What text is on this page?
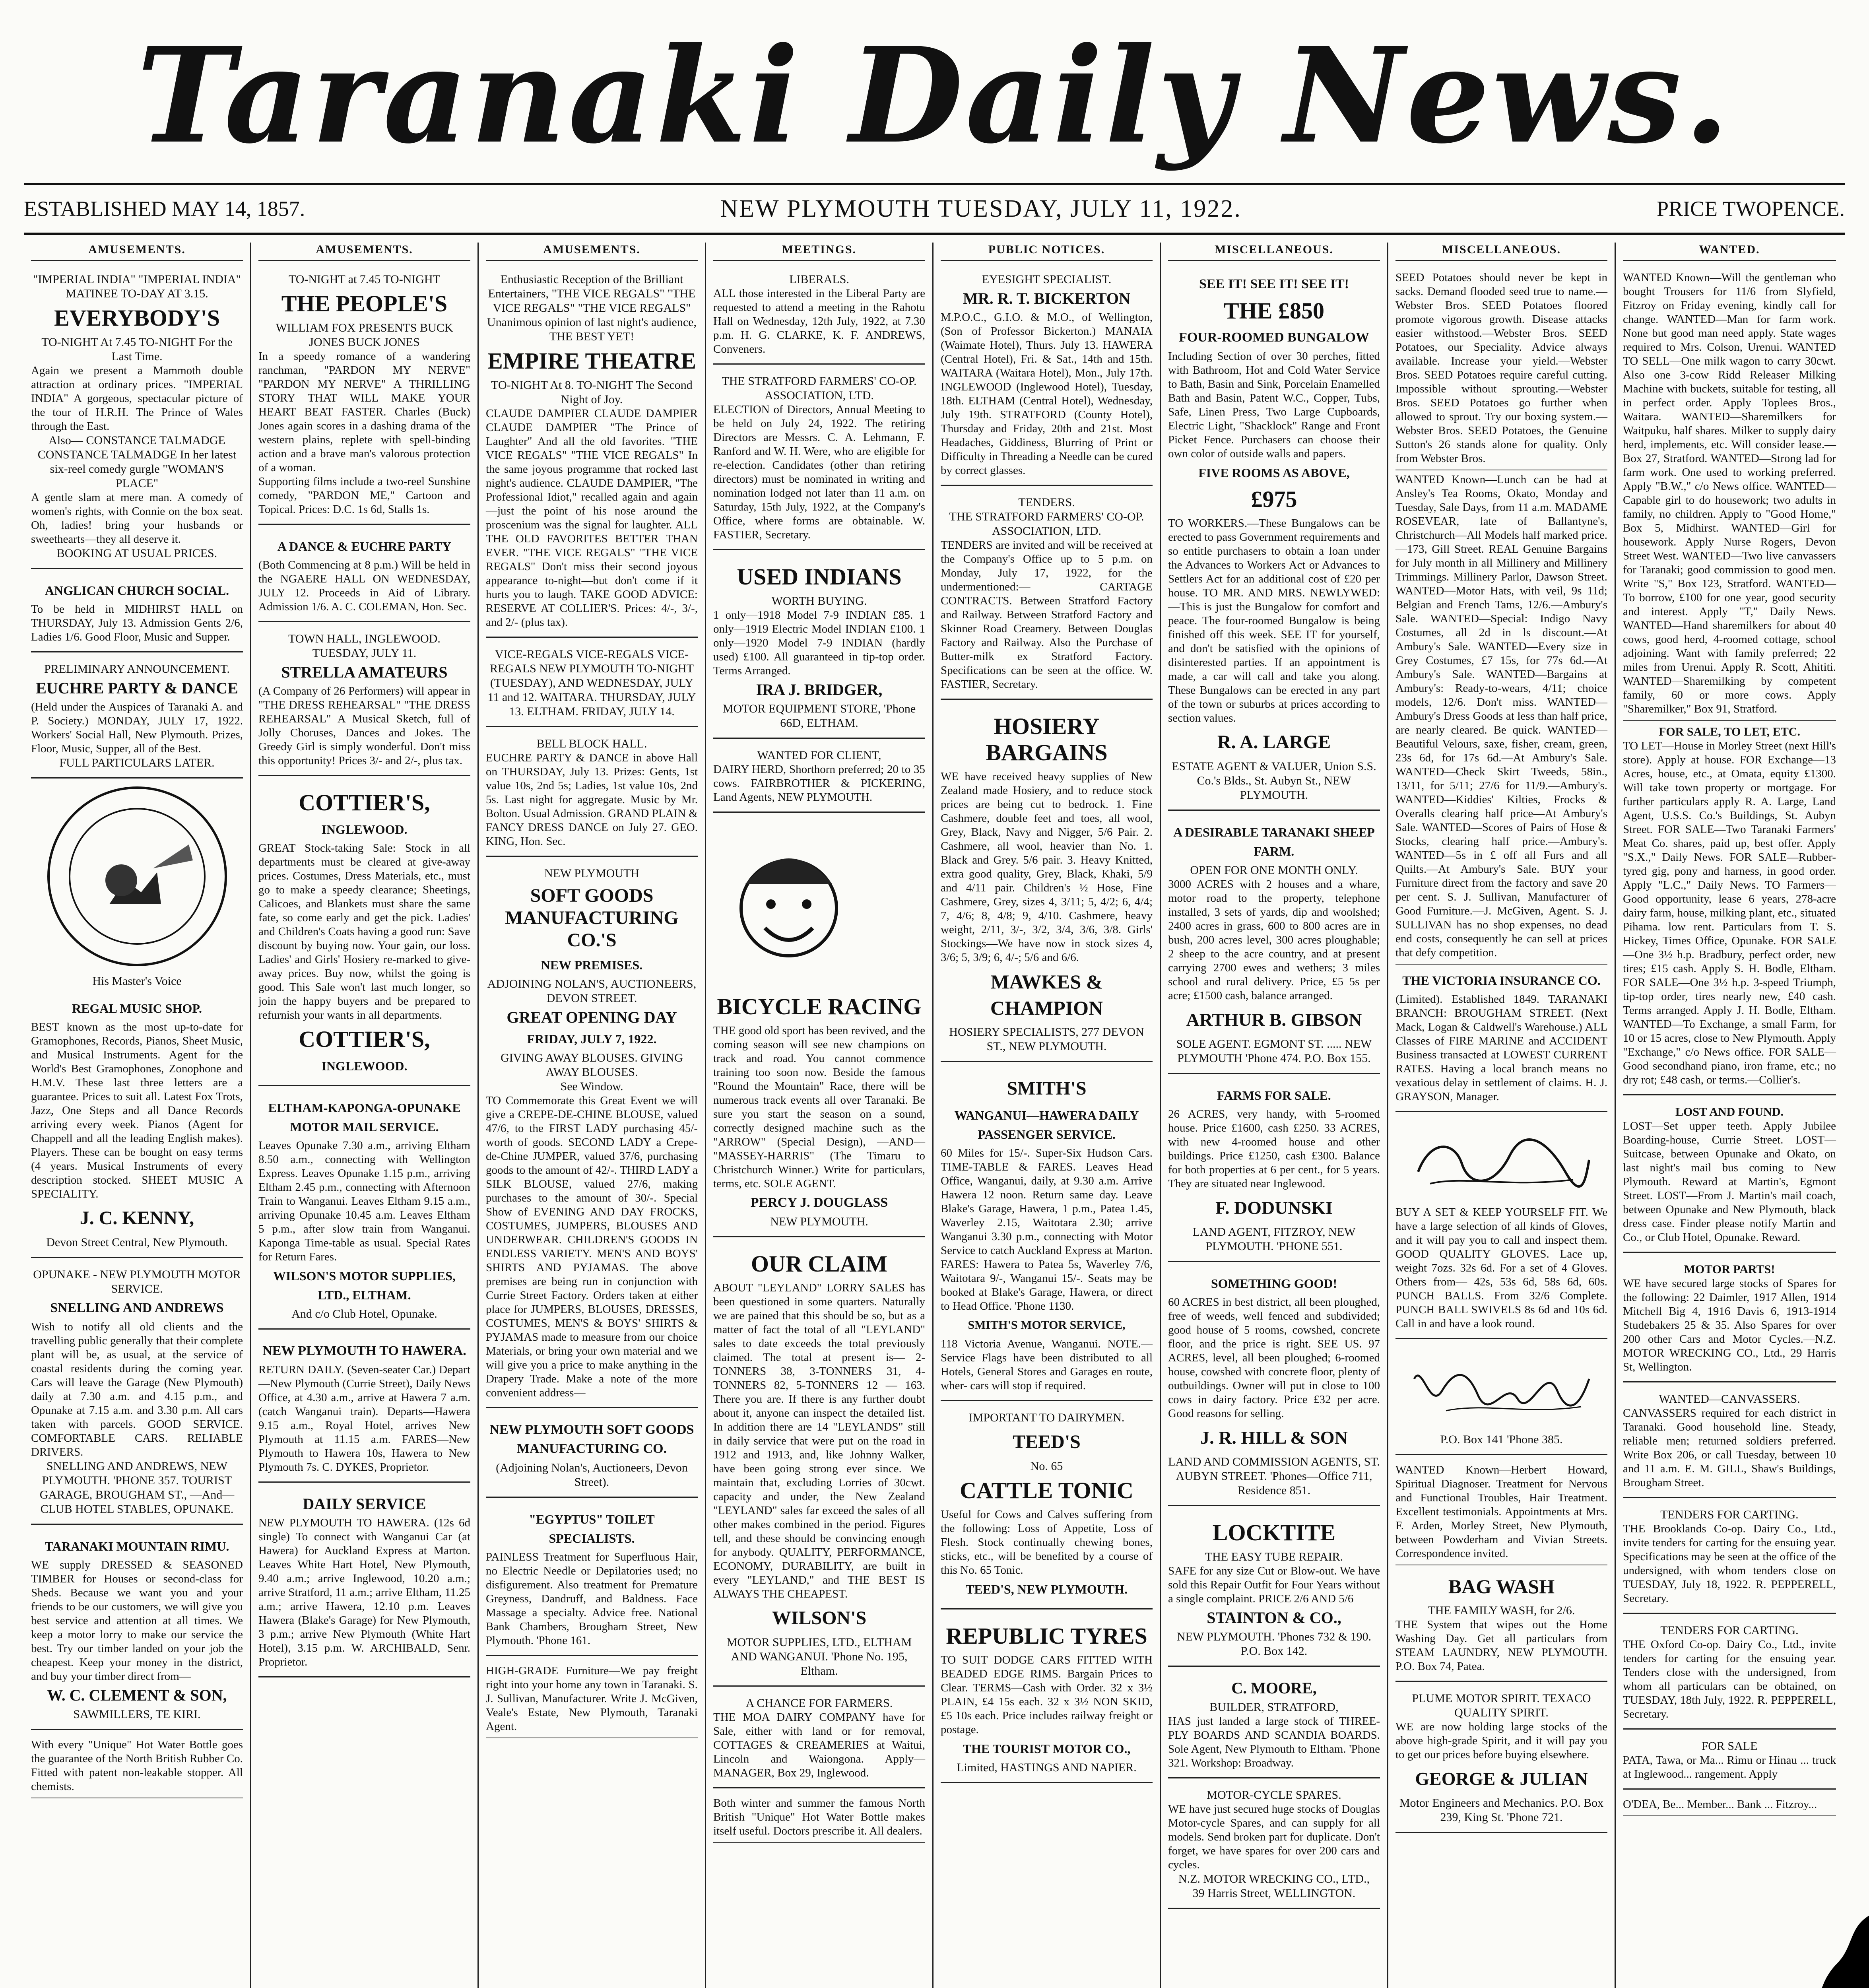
Taranaki Daily News.
ESTABLISHED MAY 14, 1857.	NEW PLYMOUTH TUESDAY, JULY 11, 1922.	PRICE TWOPENCE.
AMUSEMENTS.
"IMPERIAL INDIA" "IMPERIAL INDIA"
MATINEE TO-DAY AT 3.15.
EVERYBODY'S
TO-NIGHT At 7.45 TO-NIGHT For the Last Time.
Again we present a Mammoth double attraction at ordinary prices. "IMPERIAL INDIA" A gorgeous, spectacular picture of the tour of H.R.H. The Prince of Wales through the East.
Also— CONSTANCE TALMADGE CONSTANCE TALMADGE In her latest six-reel comedy gurgle "WOMAN'S PLACE"
A gentle slam at mere man. A comedy of women's rights, with Connie on the box seat. Oh, ladies! bring your husbands or sweethearts—they all deserve it.
BOOKING AT USUAL PRICES.
ANGLICAN CHURCH SOCIAL.
To be held in MIDHIRST HALL on THURSDAY, July 13. Admission Gents 2/6, Ladies 1/6. Good Floor, Music and Supper.
PRELIMINARY ANNOUNCEMENT.
EUCHRE PARTY & DANCE
(Held under the Auspices of Taranaki A. and P. Society.) MONDAY, JULY 17, 1922. Workers' Social Hall, New Plymouth. Prizes, Floor, Music, Supper, all of the Best.
FULL PARTICULARS LATER.
His Master's Voice
REGAL MUSIC SHOP.
BEST known as the most up-to-date for Gramophones, Records, Pianos, Sheet Music, and Musical Instruments. Agent for the World's Best Gramophones, Zonophone and H.M.V. These last three letters are a guarantee. Prices to suit all. Latest Fox Trots, Jazz, One Steps and all Dance Records arriving every week. Pianos (Agent for Chappell and all the leading English makes). Players. These can be bought on easy terms (4 years. Musical Instruments of every description stocked. SHEET MUSIC A SPECIALITY.
J. C. KENNY,
Devon Street Central, New Plymouth.
OPUNAKE - NEW PLYMOUTH MOTOR SERVICE.
SNELLING AND ANDREWS
Wish to notify all old clients and the travelling public generally that their complete plant will be, as usual, at the service of coastal residents during the coming year. Cars will leave the Garage (New Plymouth) daily at 7.30 a.m. and 4.15 p.m., and Opunake at 7.15 a.m. and 3.30 p.m. All cars taken with parcels. GOOD SERVICE. COMFORTABLE CARS. RELIABLE DRIVERS.
SNELLING AND ANDREWS, NEW PLYMOUTH. 'PHONE 357. TOURIST GARAGE, BROUGHAM ST., —And— CLUB HOTEL STABLES, OPUNAKE.
TARANAKI MOUNTAIN RIMU.
WE supply DRESSED & SEASONED TIMBER for Houses or second-class for Sheds. Because we want you and your friends to be our customers, we will give you best service and attention at all times. We keep a motor lorry to make our service the best. Try our timber landed on your job the cheapest. Keep your money in the district, and buy your timber direct from—
W. C. CLEMENT & SON,
SAWMILLERS, TE KIRI.
With every "Unique" Hot Water Bottle goes the guarantee of the North British Rubber Co. Fitted with patent non-leakable stopper. All chemists.
AMUSEMENTS.
TO-NIGHT at 7.45 TO-NIGHT
THE PEOPLE'S
WILLIAM FOX PRESENTS BUCK JONES BUCK JONES
In a speedy romance of a wandering ranchman, "PARDON MY NERVE" "PARDON MY NERVE" A THRILLING STORY THAT WILL MAKE YOUR HEART BEAT FASTER. Charles (Buck) Jones again scores in a dashing drama of the western plains, replete with spell-binding action and a brave man's valorous protection of a woman.
Supporting films include a two-reel Sunshine comedy, "PARDON ME," Cartoon and Topical. Prices: D.C. 1s 6d, Stalls 1s.
A DANCE & EUCHRE PARTY
(Both Commencing at 8 p.m.) Will be held in the NGAERE HALL ON WEDNESDAY, JULY 12. Proceeds in Aid of Library. Admission 1/6. A. C. COLEMAN, Hon. Sec.
TOWN HALL, INGLEWOOD.
TUESDAY, JULY 11.
STRELLA AMATEURS
(A Company of 26 Performers) will appear in "THE DRESS REHEARSAL" "THE DRESS REHEARSAL" A Musical Sketch, full of Jolly Choruses, Dances and Jokes. The Greedy Girl is simply wonderful. Don't miss this opportunity! Prices 3/- and 2/-, plus tax.
COTTIER'S,
INGLEWOOD.
GREAT Stock-taking Sale: Stock in all departments must be cleared at give-away prices. Costumes, Dress Materials, etc., must go to make a speedy clearance; Sheetings, Calicoes, and Blankets must share the same fate, so come early and get the pick. Ladies' and Children's Coats having a good run: Save discount by buying now. Your gain, our loss. Ladies' and Girls' Hosiery re-marked to give-away prices. Buy now, whilst the going is good. This Sale won't last much longer, so join the happy buyers and be prepared to refurnish your wants in all departments.
COTTIER'S,
INGLEWOOD.
ELTHAM-KAPONGA-OPUNAKE MOTOR MAIL SERVICE.
Leaves Opunake 7.30 a.m., arriving Eltham 8.50 a.m., connecting with Wellington Express. Leaves Opunake 1.15 p.m., arriving Eltham 2.45 p.m., connecting with Afternoon Train to Wanganui. Leaves Eltham 9.15 a.m., arriving Opunake 10.45 a.m. Leaves Eltham 5 p.m., after slow train from Wanganui. Kaponga Time-table as usual. Special Rates for Return Fares.
WILSON'S MOTOR SUPPLIES, LTD., ELTHAM.
And c/o Club Hotel, Opunake.
NEW PLYMOUTH TO HAWERA.
RETURN DAILY. (Seven-seater Car.) Depart—New Plymouth (Currie Street), Daily News Office, at 4.30 a.m., arrive at Hawera 7 a.m. (catch Wanganui train). Departs—Hawera 9.15 a.m., Royal Hotel, arrives New Plymouth at 11.15 a.m. FARES—New Plymouth to Hawera 10s, Hawera to New Plymouth 7s. C. DYKES, Proprietor.
DAILY SERVICE
NEW PLYMOUTH TO HAWERA. (12s 6d single) To connect with Wanganui Car (at Hawera) for Auckland Express at Marton. Leaves White Hart Hotel, New Plymouth, 9.40 a.m.; arrive Inglewood, 10.20 a.m.; arrive Stratford, 11 a.m.; arrive Eltham, 11.25 a.m.; arrive Hawera, 12.10 p.m. Leaves Hawera (Blake's Garage) for New Plymouth, 3 p.m.; arrive New Plymouth (White Hart Hotel), 3.15 p.m. W. ARCHIBALD, Senr. Proprietor.
AMUSEMENTS.
Enthusiastic Reception of the Brilliant Entertainers, "THE VICE REGALS" "THE VICE REGALS" "THE VICE REGALS" Unanimous opinion of last night's audience, THE BEST YET!
EMPIRE THEATRE
TO-NIGHT At 8. TO-NIGHT The Second Night of Joy.
CLAUDE DAMPIER CLAUDE DAMPIER CLAUDE DAMPIER "The Prince of Laughter" And all the old favorites. "THE VICE REGALS" "THE VICE REGALS" In the same joyous programme that rocked last night's audience. CLAUDE DAMPIER, "The Professional Idiot," recalled again and again—just the point of his nose around the proscenium was the signal for laughter. ALL THE OLD FAVORITES BETTER THAN EVER. "THE VICE REGALS" "THE VICE REGALS" Don't miss their second joyous appearance to-night—but don't come if it hurts you to laugh. TAKE GOOD ADVICE: RESERVE AT COLLIER'S. Prices: 4/-, 3/-, and 2/- (plus tax).
VICE-REGALS VICE-REGALS VICE-REGALS NEW PLYMOUTH TO-NIGHT (TUESDAY), AND WEDNESDAY, JULY 11 and 12. WAITARA. THURSDAY, JULY 13. ELTHAM. FRIDAY, JULY 14.
BELL BLOCK HALL.
EUCHRE PARTY & DANCE in above Hall on THURSDAY, July 13. Prizes: Gents, 1st value 10s, 2nd 5s; Ladies, 1st value 10s, 2nd 5s. Last night for aggregate. Music by Mr. Bolton. Usual Admission. GRAND PLAIN & FANCY DRESS DANCE on July 27. GEO. KING, Hon. Sec.
NEW PLYMOUTH
SOFT GOODS MANUFACTURING CO.'S
NEW PREMISES.
ADJOINING NOLAN'S, AUCTIONEERS, DEVON STREET.
GREAT OPENING DAY
FRIDAY, JULY 7, 1922.
GIVING AWAY BLOUSES. GIVING AWAY BLOUSES.
See Window.
TO Commemorate this Great Event we will give a CREPE-DE-CHINE BLOUSE, valued 47/6, to the FIRST LADY purchasing 45/- worth of goods. SECOND LADY a Crepe-de-Chine JUMPER, valued 37/6, purchasing goods to the amount of 42/-. THIRD LADY a SILK BLOUSE, valued 27/6, making purchases to the amount of 30/-. Special Show of EVENING AND DAY FROCKS, COSTUMES, JUMPERS, BLOUSES AND UNDERWEAR. CHILDREN'S GOODS IN ENDLESS VARIETY. MEN'S AND BOYS' SHIRTS AND PYJAMAS. The above premises are being run in conjunction with Currie Street Factory. Orders taken at either place for JUMPERS, BLOUSES, DRESSES, COSTUMES, MEN'S & BOYS' SHIRTS & PYJAMAS made to measure from our choice Materials, or bring your own material and we will give you a price to make anything in the Drapery Trade. Make a note of the more convenient address—
NEW PLYMOUTH SOFT GOODS MANUFACTURING CO.
(Adjoining Nolan's, Auctioneers, Devon Street).
"EGYPTUS" TOILET SPECIALISTS.
PAINLESS Treatment for Superfluous Hair, no Electric Needle or Depilatories used; no disfigurement. Also treatment for Premature Greyness, Dandruff, and Baldness. Face Massage a specialty. Advice free. National Bank Chambers, Brougham Street, New Plymouth. 'Phone 161.
HIGH-GRADE Furniture—We pay freight right into your home any town in Taranaki. S. J. Sullivan, Manufacturer. Write J. McGiven, Veale's Estate, New Plymouth, Taranaki Agent.
MEETINGS.
LIBERALS.
ALL those interested in the Liberal Party are requested to attend a meeting in the Rahotu Hall on Wednesday, 12th July, 1922, at 7.30 p.m. H. G. CLARKE, K. F. ANDREWS, Conveners.
THE STRATFORD FARMERS' CO-OP. ASSOCIATION, LTD.
ELECTION of Directors, Annual Meeting to be held on July 24, 1922. The retiring Directors are Messrs. C. A. Lehmann, F. Ranford and W. H. Were, who are eligible for re-election. Candidates (other than retiring directors) must be nominated in writing and nomination lodged not later than 11 a.m. on Saturday, 15th July, 1922, at the Company's Office, where forms are obtainable. W. FASTIER, Secretary.
USED INDIANS
WORTH BUYING.
1 only—1918 Model 7-9 INDIAN £85. 1 only—1919 Electric Model INDIAN £100. 1 only—1920 Model 7-9 INDIAN (hardly used) £100. All guaranteed in tip-top order. Terms Arranged.
IRA J. BRIDGER,
MOTOR EQUIPMENT STORE, 'Phone 66D, ELTHAM.
WANTED FOR CLIENT,
DAIRY HERD, Shorthorn preferred; 20 to 35 cows. FAIRBROTHER & PICKERING, Land Agents, NEW PLYMOUTH.
BICYCLE RACING
THE good old sport has been revived, and the coming season will see new champions on track and road. You cannot commence training too soon now. Beside the famous "Round the Mountain" Race, there will be numerous track events all over Taranaki. Be sure you start the season on a sound, correctly designed machine such as the "ARROW" (Special Design), —AND— "MASSEY-HARRIS" (The Timaru to Christchurch Winner.) Write for particulars, terms, etc. SOLE AGENT.
PERCY J. DOUGLASS
NEW PLYMOUTH.
OUR CLAIM
ABOUT "LEYLAND" LORRY SALES has been questioned in some quarters. Naturally we are pained that this should be so, but as a matter of fact the total of all "LEYLAND" sales to date exceeds the total previously claimed. The total at present is— 2-TONNERS 38, 3-TONNERS 31, 4-TONNERS 82, 5-TONNERS 12 — 163. There you are. If there is any further doubt about it, anyone can inspect the detailed list. In addition there are 14 "LEYLANDS" still in daily service that were put on the road in 1912 and 1913, and, like Johnny Walker, have been going strong ever since. We maintain that, excluding Lorries of 30cwt. capacity and under, the New Zealand "LEYLAND" sales far exceed the sales of all other makes combined in the period. Figures tell, and these should be convincing enough for anybody. QUALITY, PERFORMANCE, ECONOMY, DURABILITY, are built in every "LEYLAND," and THE BEST IS ALWAYS THE CHEAPEST.
WILSON'S
MOTOR SUPPLIES, LTD., ELTHAM AND WANGANUI. 'Phone No. 195, Eltham.
A CHANCE FOR FARMERS.
THE MOA DAIRY COMPANY have for Sale, either with land or for removal, COTTAGES & CREAMERIES at Waitui, Lincoln and Waiongona. Apply— MANAGER, Box 29, Inglewood.
Both winter and summer the famous North British "Unique" Hot Water Bottle makes itself useful. Doctors prescribe it. All dealers.
PUBLIC NOTICES.
EYESIGHT SPECIALIST.
MR. R. T. BICKERTON
M.P.O.C., G.I.O. & M.O., of Wellington, (Son of Professor Bickerton.) MANAIA (Waimate Hotel), Thurs. July 13. HAWERA (Central Hotel), Fri. & Sat., 14th and 15th. WAITARA (Waitara Hotel), Mon., July 17th. INGLEWOOD (Inglewood Hotel), Tuesday, 18th. ELTHAM (Central Hotel), Wednesday, July 19th. STRATFORD (County Hotel), Thursday and Friday, 20th and 21st. Most Headaches, Giddiness, Blurring of Print or Difficulty in Threading a Needle can be cured by correct glasses.
TENDERS.
THE STRATFORD FARMERS' CO-OP. ASSOCIATION, LTD.
TENDERS are invited and will be received at the Company's Office up to 5 p.m. on Monday, July 17, 1922, for the undermentioned:— CARTAGE CONTRACTS. Between Stratford Factory and Railway. Between Stratford Factory and Skinner Road Creamery. Between Douglas Factory and Railway. Also the Purchase of Butter-milk ex Stratford Factory. Specifications can be seen at the office. W. FASTIER, Secretary.
HOSIERY BARGAINS
WE have received heavy supplies of New Zealand made Hosiery, and to reduce stock prices are being cut to bedrock. 1. Fine Cashmere, double feet and toes, all wool, Grey, Black, Navy and Nigger, 5/6 Pair. 2. Cashmere, all wool, heavier than No. 1. Black and Grey. 5/6 pair. 3. Heavy Knitted, extra good quality, Grey, Black, Khaki, 5/9 and 4/11 pair. Children's ½ Hose, Fine Cashmere, Grey, sizes 4, 3/11; 5, 4/2; 6, 4/4; 7, 4/6; 8, 4/8; 9, 4/10. Cashmere, heavy weight, 2/11, 3/-, 3/2, 3/4, 3/6, 3/8. Girls' Stockings—We have now in stock sizes 4, 3/6; 5, 3/9; 6, 4/-; 5/6 and 6/6.
MAWKES & CHAMPION
HOSIERY SPECIALISTS, 277 DEVON ST., NEW PLYMOUTH.
SMITH'S
WANGANUI—HAWERA DAILY PASSENGER SERVICE.
60 Miles for 15/-. Super-Six Hudson Cars. TIME-TABLE & FARES. Leaves Head Office, Wanganui, daily, at 9.30 a.m. Arrive Hawera 12 noon. Return same day. Leave Blake's Garage, Hawera, 1 p.m., Patea 1.45, Waverley 2.15, Waitotara 2.30; arrive Wanganui 3.30 p.m., connecting with Motor Service to catch Auckland Express at Marton. FARES: Hawera to Patea 5s, Waverley 7/6, Waitotara 9/-, Wanganui 15/-. Seats may be booked at Blake's Garage, Hawera, or direct to Head Office. 'Phone 1130.
SMITH'S MOTOR SERVICE,
118 Victoria Avenue, Wanganui. NOTE.—Service Flags have been distributed to all Hotels, General Stores and Garages en route, wher- cars will stop if required.
IMPORTANT TO DAIRYMEN.
TEED'S
No. 65
CATTLE TONIC
Useful for Cows and Calves suffering from the following: Loss of Appetite, Loss of Flesh. Stock continually chewing bones, sticks, etc., will be benefited by a course of this No. 65 Tonic.
TEED'S, NEW PLYMOUTH.
REPUBLIC TYRES
TO SUIT DODGE CARS FITTED WITH BEADED EDGE RIMS. Bargain Prices to Clear. TERMS—Cash with Order. 32 x 3½ PLAIN, £4 15s each. 32 x 3½ NON SKID, £5 10s each. Price includes railway freight or postage.
THE TOURIST MOTOR CO.,
Limited, HASTINGS AND NAPIER.
MISCELLANEOUS.
SEE IT! SEE IT! SEE IT!
THE £850
FOUR-ROOMED BUNGALOW
Including Section of over 30 perches, fitted with Bathroom, Hot and Cold Water Service to Bath, Basin and Sink, Porcelain Enamelled Bath and Basin, Patent W.C., Copper, Tubs, Safe, Linen Press, Two Large Cupboards, Electric Light, "Shacklock" Range and Front Picket Fence. Purchasers can choose their own color of outside walls and papers.
FIVE ROOMS AS ABOVE,
£975
TO WORKERS.—These Bungalows can be erected to pass Government requirements and so entitle purchasers to obtain a loan under the Advances to Workers Act or Advances to Settlers Act for an additional cost of £20 per house. TO MR. AND MRS. NEWLYWED:—This is just the Bungalow for comfort and peace. The four-roomed Bungalow is being finished off this week. SEE IT for yourself, and don't be satisfied with the opinions of disinterested parties. If an appointment is made, a car will call and take you along. These Bungalows can be erected in any part of the town or suburbs at prices according to section values.
R. A. LARGE
ESTATE AGENT & VALUER, Union S.S. Co.'s Blds., St. Aubyn St., NEW PLYMOUTH.
A DESIRABLE TARANAKI SHEEP FARM.
OPEN FOR ONE MONTH ONLY.
3000 ACRES with 2 houses and a whare, motor road to the property, telephone installed, 3 sets of yards, dip and woolshed; 2400 acres in grass, 600 to 800 acres are in bush, 200 acres level, 300 acres ploughable; 2 sheep to the acre country, and at present carrying 2700 ewes and wethers; 3 miles school and rural delivery. Price, £5 5s per acre; £1500 cash, balance arranged.
ARTHUR B. GIBSON
SOLE AGENT. EGMONT ST. ..... NEW PLYMOUTH 'Phone 474. P.O. Box 155.
FARMS FOR SALE.
26 ACRES, very handy, with 5-roomed house. Price £1600, cash £250. 33 ACRES, with new 4-roomed house and other buildings. Price £1250, cash £300. Balance for both properties at 6 per cent., for 5 years. They are situated near Inglewood.
F. DODUNSKI
LAND AGENT, FITZROY, NEW PLYMOUTH. 'PHONE 551.
SOMETHING GOOD!
60 ACRES in best district, all been ploughed, free of weeds, well fenced and subdivided; good house of 5 rooms, cowshed, concrete floor, and the price is right. SEE US. 97 ACRES, level, all been ploughed; 6-roomed house, cowshed with concrete floor, plenty of outbuildings. Owner will put in close to 100 cows in dairy factory. Price £32 per acre. Good reasons for selling.
J. R. HILL & SON
LAND AND COMMISSION AGENTS, ST. AUBYN STREET. 'Phones—Office 711, Residence 851.
LOCKTITE
THE EASY TUBE REPAIR.
SAFE for any size Cut or Blow-out. We have sold this Repair Outfit for Four Years without a single complaint. PRICE 2/6 AND 5/6
STAINTON & CO.,
NEW PLYMOUTH. 'Phones 732 & 190. P.O. Box 142.
C. MOORE,
BUILDER, STRATFORD,
HAS just landed a large stock of THREE-PLY BOARDS AND SCANDIA BOARDS. Sole Agent, New Plymouth to Eltham. 'Phone 321. Workshop: Broadway.
MOTOR-CYCLE SPARES.
WE have just secured huge stocks of Douglas Motor-cycle Spares, and can supply for all models. Send broken part for duplicate. Don't forget, we have spares for over 200 cars and cycles.
N.Z. MOTOR WRECKING CO., LTD.,
39 Harris Street, WELLINGTON.
MISCELLANEOUS.
SEED Potatoes should never be kept in sacks. Demand flooded seed true to name.—Webster Bros. SEED Potatoes floored promote vigorous growth. Disease attacks easier withstood.—Webster Bros. SEED Potatoes, our Speciality. Advice always available. Increase your yield.—Webster Bros. SEED Potatoes require careful cutting. Impossible without sprouting.—Webster Bros. SEED Potatoes go further when allowed to sprout. Try our boxing system.—Webster Bros. SEED Potatoes, the Genuine Sutton's 26 stands alone for quality. Only from Webster Bros.
WANTED Known—Lunch can be had at Ansley's Tea Rooms, Okato, Monday and Tuesday, Sale Days, from 11 a.m. MADAME ROSEVEAR, late of Ballantyne's, Christchurch—All Models half marked price.—173, Gill Street. REAL Genuine Bargains for July month in all Millinery and Millinery Trimmings. Millinery Parlor, Dawson Street. WANTED—Motor Hats, with veil, 9s 11d; Belgian and French Tams, 12/6.—Ambury's Sale. WANTED—Special: Indigo Navy Costumes, all 2d in ls discount.—At Ambury's Sale. WANTED—Every size in Grey Costumes, £7 15s, for 77s 6d.—At Ambury's Sale. WANTED—Bargains at Ambury's: Ready-to-wears, 4/11; choice models, 12/6. Don't miss. WANTED—Ambury's Dress Goods at less than half price, are nearly cleared. Be quick. WANTED—Beautiful Velours, saxe, fisher, cream, green, 23s 6d, for 17s 6d.—At Ambury's Sale. WANTED—Check Skirt Tweeds, 58in., 13/11, for 5/11; 27/6 for 11/9.—Ambury's. WANTED—Kiddies' Kilties, Frocks & Overalls clearing half price—At Ambury's Sale. WANTED—Scores of Pairs of Hose & Stocks, clearing half price.—Ambury's. WANTED—5s in £ off all Furs and all Quilts.—At Ambury's Sale. BUY your Furniture direct from the factory and save 20 per cent. S. J. Sullivan, Manufacturer of Good Furniture.—J. McGiven, Agent. S. J. SULLIVAN has no shop expenses, no dead end costs, consequently he can sell at prices that defy competition.
THE VICTORIA INSURANCE CO.
(Limited). Established 1849. TARANAKI BRANCH: BROUGHAM STREET. (Next Mack, Logan & Caldwell's Warehouse.) ALL Classes of FIRE MARINE and ACCIDENT Business transacted at LOWEST CURRENT RATES. Having a local branch means no vexatious delay in settlement of claims. H. J. GRAYSON, Manager.
BUY A SET & KEEP YOURSELF FIT. We have a large selection of all kinds of Gloves, and it will pay you to call and inspect them. GOOD QUALITY GLOVES. Lace up, weight 7ozs. 32s 6d. For a set of 4 Gloves. Others from— 42s, 53s 6d, 58s 6d, 60s. PUNCH BALLS. From 32/6 Complete. PUNCH BALL SWIVELS 8s 6d and 10s 6d. Call in and have a look round.
P.O. Box 141 'Phone 385.
WANTED Known—Herbert Howard, Spiritual Diagnoser. Treatment for Nervous and Functional Troubles, Hair Treatment. Excellent testimonials. Appointments at Mrs. F. Arden, Morley Street, New Plymouth, between Powderham and Vivian Streets. Correspondence invited.
BAG WASH
THE FAMILY WASH, for 2/6.
THE System that wipes out the Home Washing Day. Get all particulars from STEAM LAUNDRY, NEW PLYMOUTH. P.O. Box 74, Patea.
PLUME MOTOR SPIRIT. TEXACO QUALITY SPIRIT.
WE are now holding large stocks of the above high-grade Spirit, and it will pay you to get our prices before buying elsewhere.
GEORGE & JULIAN
Motor Engineers and Mechanics. P.O. Box 239, King St. 'Phone 721.
WANTED.
WANTED Known—Will the gentleman who bought Trousers for 11/6 from Slyfield, Fitzroy on Friday evening, kindly call for change. WANTED—Man for farm work. None but good man need apply. State wages required to Mrs. Colson, Urenui. WANTED TO SELL—One milk wagon to carry 30cwt. Also one 3-cow Ridd Releaser Milking Machine with buckets, suitable for testing, all in perfect order. Apply Toplees Bros., Waitara. WANTED—Sharemilkers for Waitpuku, half shares. Milker to supply dairy herd, implements, etc. Will consider lease.—Box 27, Stratford. WANTED—Strong lad for farm work. One used to working preferred. Apply "B.W.," c/o News office. WANTED—Capable girl to do housework; two adults in family, no children. Apply to "Good Home," Box 5, Midhirst. WANTED—Girl for housework. Apply Nurse Rogers, Devon Street West. WANTED—Two live canvassers for Taranaki; good commission to good men. Write "S," Box 123, Stratford. WANTED—To borrow, £100 for one year, good security and interest. Apply "T," Daily News. WANTED—Hand sharemilkers for about 40 cows, good herd, 4-roomed cottage, school adjoining. Want with family preferred; 22 miles from Urenui. Apply R. Scott, Ahititi. WANTED—Sharemilking by competent family, 60 or more cows. Apply "Sharemilker," Box 91, Stratford.
FOR SALE, TO LET, ETC.
TO LET—House in Morley Street (next Hill's store). Apply at house. FOR Exchange—13 Acres, house, etc., at Omata, equity £1300. Will take town property or mortgage. For further particulars apply R. A. Large, Land Agent, U.S.S. Co.'s Buildings, St. Aubyn Street. FOR SALE—Two Taranaki Farmers' Meat Co. shares, paid up, best offer. Apply "S.X.," Daily News. FOR SALE—Rubber-tyred gig, pony and harness, in good order. Apply "L.C.," Daily News. TO Farmers—Good opportunity, lease 6 years, 278-acre dairy farm, house, milking plant, etc., situated Pihama. low rent. Particulars from T. S. Hickey, Times Office, Opunake. FOR SALE—One 3½ h.p. Bradbury, perfect order, new tires; £15 cash. Apply S. H. Bodle, Eltham. FOR SALE—One 3½ h.p. 3-speed Triumph, tip-top order, tires nearly new, £40 cash. Terms arranged. Apply J. H. Bodle, Eltham. WANTED—To Exchange, a small Farm, for 10 or 15 acres, close to New Plymouth. Apply "Exchange," c/o News office. FOR SALE—Good secondhand piano, iron frame, etc.; no dry rot; £48 cash, or terms.—Collier's.
LOST AND FOUND.
LOST—Set upper teeth. Apply Jubilee Boarding-house, Currie Street. LOST—Suitcase, between Opunake and Okato, on last night's mail bus coming to New Plymouth. Reward at Martin's, Egmont Street. LOST—From J. Martin's mail coach, between Opunake and New Plymouth, black dress case. Finder please notify Martin and Co., or Club Hotel, Opunake. Reward.
MOTOR PARTS!
WE have secured large stocks of Spares for the following: 22 Daimler, 1917 Allen, 1914 Mitchell Big 4, 1916 Davis 6, 1913-1914 Studebakers 25 & 35. Also Spares for over 200 other Cars and Motor Cycles.—N.Z. MOTOR WRECKING CO., Ltd., 29 Harris St, Wellington.
WANTED—CANVASSERS.
CANVASSERS required for each district in Taranaki. Good household line. Steady, reliable men; returned soldiers preferred. Write Box 206, or call Tuesday, between 10 and 11 a.m. E. M. GILL, Shaw's Buildings, Brougham Street.
TENDERS FOR CARTING.
THE Brooklands Co-op. Dairy Co., Ltd., invite tenders for carting for the ensuing year. Specifications may be seen at the office of the undersigned, with whom tenders close on TUESDAY, July 18, 1922. R. PEPPERELL, Secretary.
TENDERS FOR CARTING.
THE Oxford Co-op. Dairy Co., Ltd., invite tenders for carting for the ensuing year. Tenders close with the undersigned, from whom all particulars can be obtained, on TUESDAY, 18th July, 1922. R. PEPPERELL, Secretary.
FOR SALE
PATA, Tawa, or Ma... Rimu or Hinau ... truck at Inglewood... rangement. Apply
O'DEA, Be... Member... Bank ... Fitzroy...
